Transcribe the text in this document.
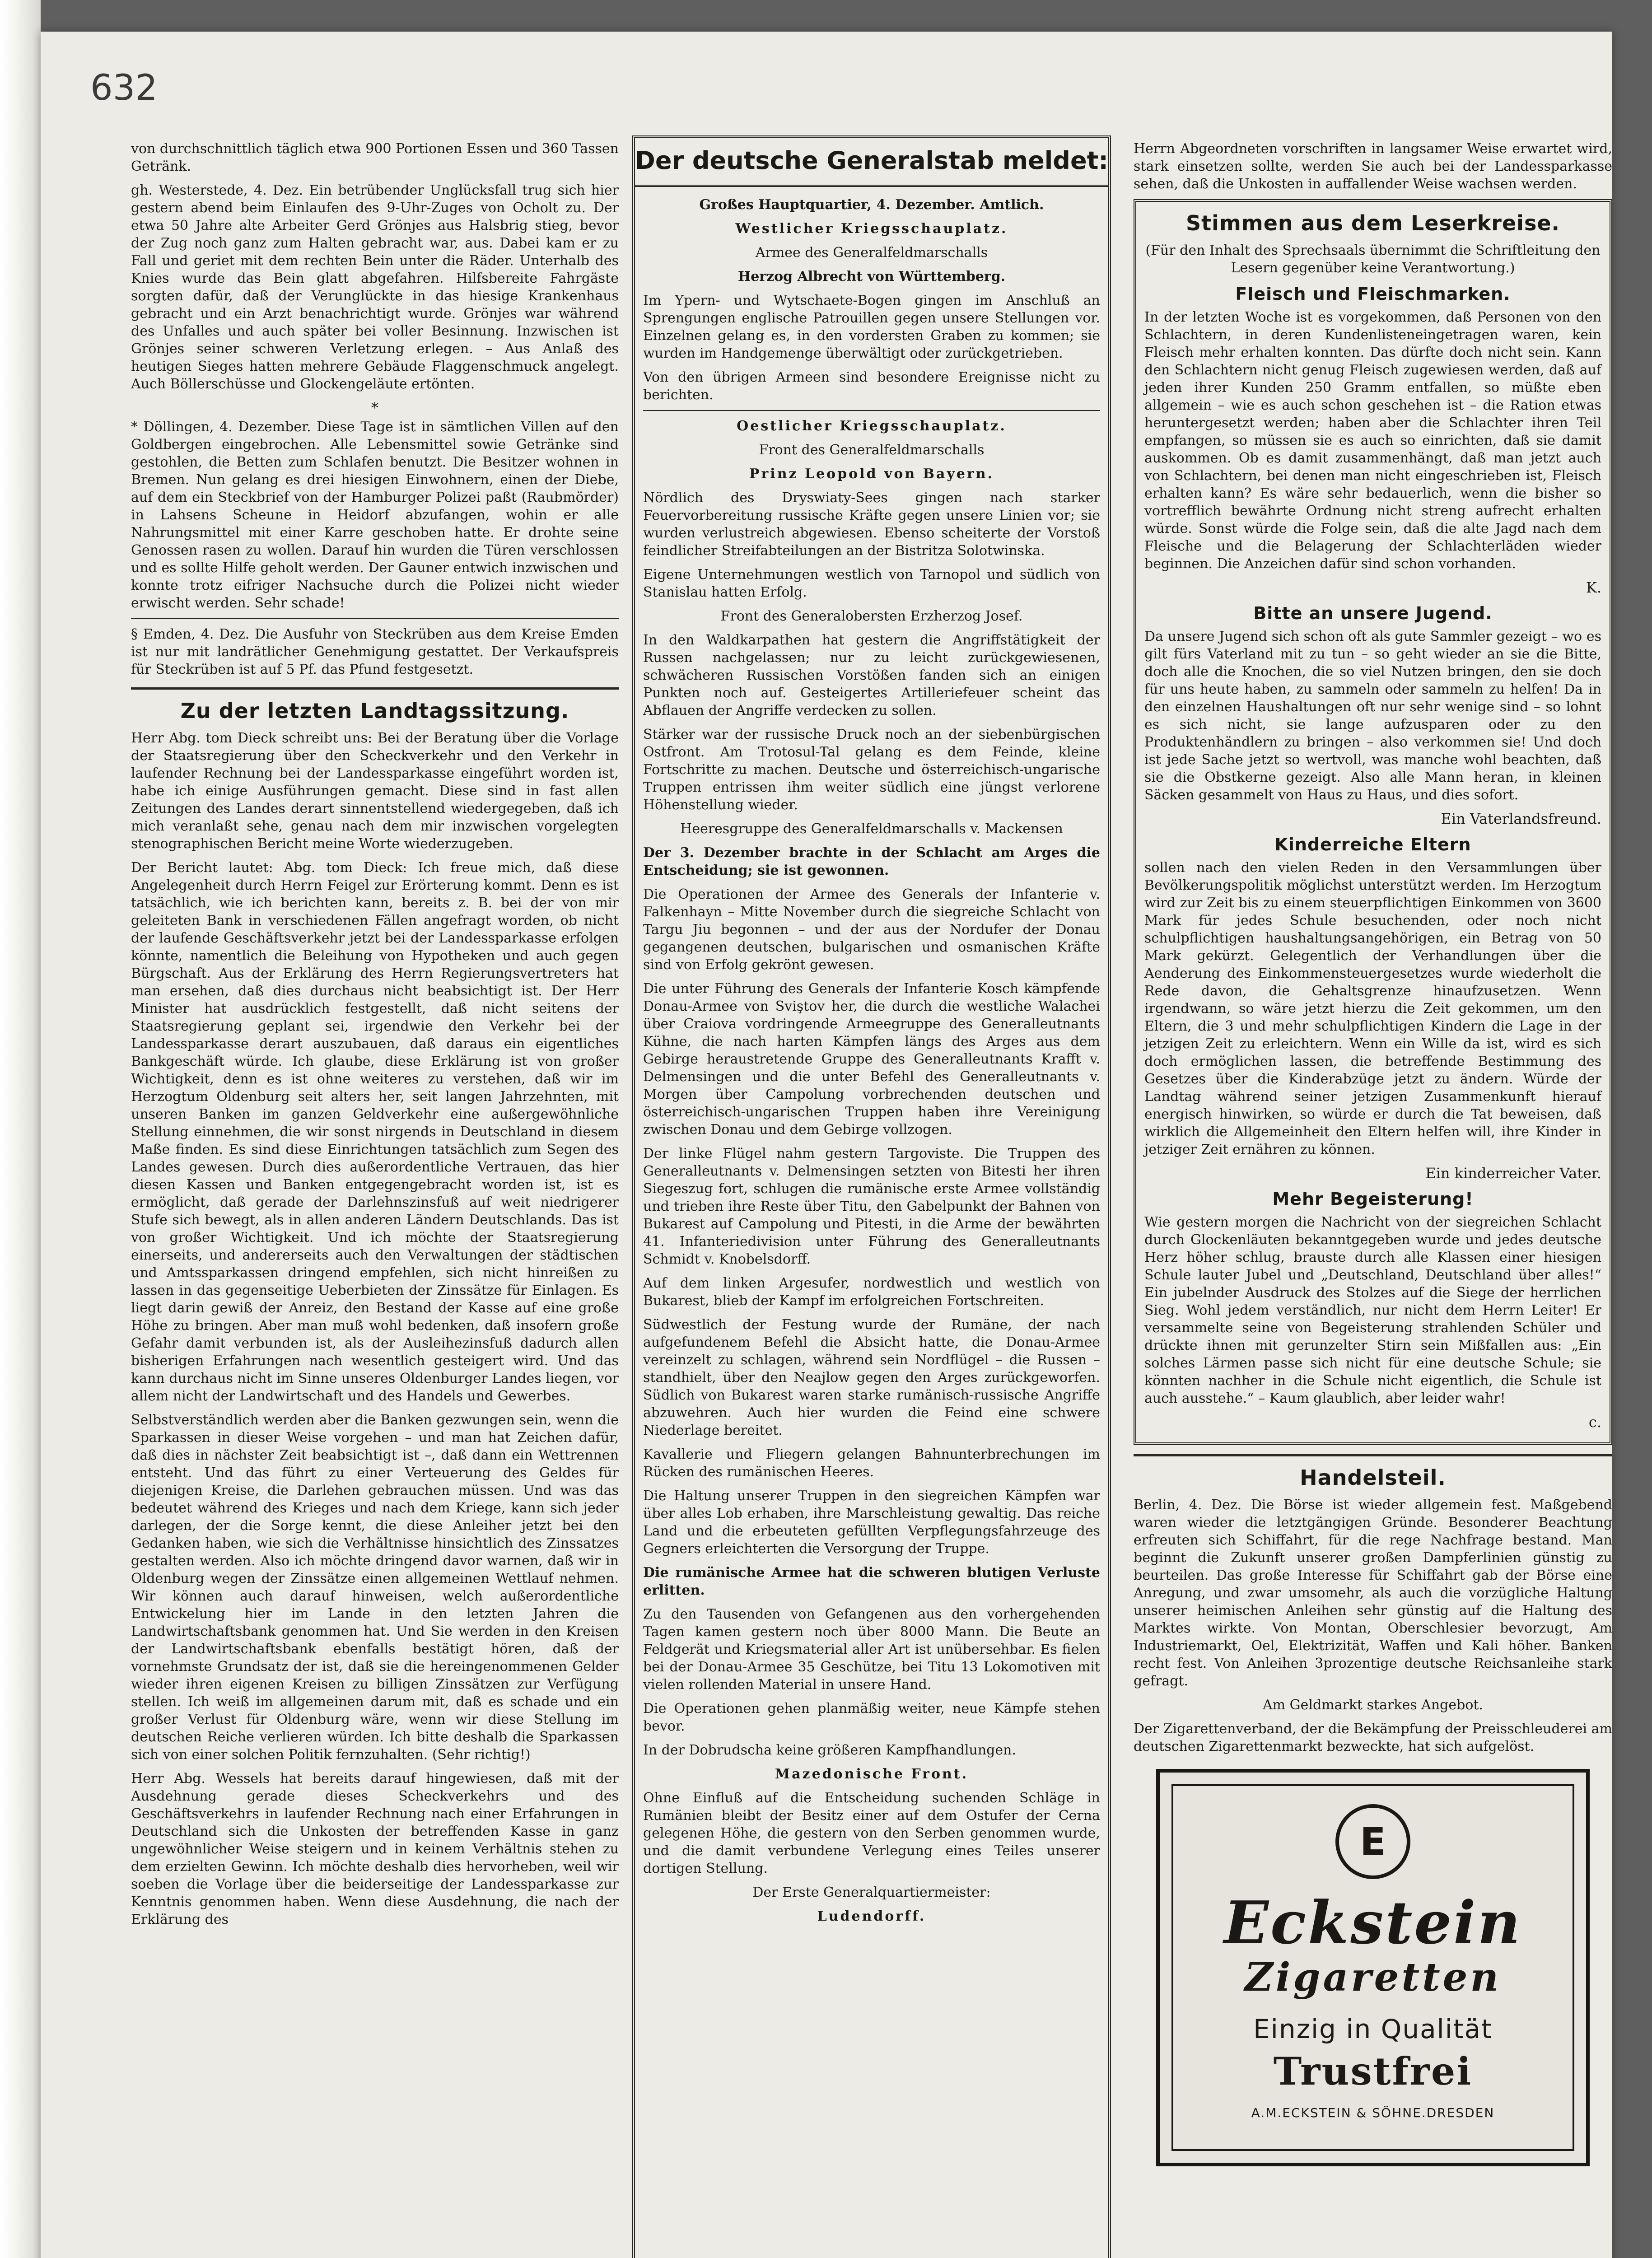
632

von durchschnittlich täglich etwa 900 Portionen Essen und 360 Tassen Getränk.

gh. Westerstede, 4. Dez. Ein betrübender Unglücksfall trug sich hier gestern abend beim Einlaufen des 9-Uhr-Zuges von Ocholt zu. Der etwa 50 Jahre alte Arbeiter Gerd Grönjes aus Halsbrig stieg, bevor der Zug noch ganz zum Halten gebracht war, aus. Dabei kam er zu Fall und geriet mit dem rechten Bein unter die Räder. Unterhalb des Knies wurde das Bein glatt abgefahren. Hilfsbereite Fahrgäste sorgten dafür, daß der Verunglückte in das hiesige Krankenhaus gebracht und ein Arzt benachrichtigt wurde. Grönjes war während des Unfalles und auch später bei voller Besinnung. Inzwischen ist Grönjes seiner schweren Verletzung erlegen. – Aus Anlaß des heutigen Sieges hatten mehrere Gebäude Flaggenschmuck angelegt. Auch Böllerschüsse und Glockengeläute ertönten.

*

* Döllingen, 4. Dezember. Diese Tage ist in sämtlichen Villen auf den Goldbergen eingebrochen. Alle Lebensmittel sowie Getränke sind gestohlen, die Betten zum Schlafen benutzt. Die Besitzer wohnen in Bremen. Nun gelang es drei hiesigen Einwohnern, einen der Diebe, auf dem ein Steckbrief von der Hamburger Polizei paßt (Raubmörder) in Lahsens Scheune in Heidorf abzufangen, wohin er alle Nahrungsmittel mit einer Karre geschoben hatte. Er drohte seine Genossen rasen zu wollen. Darauf hin wurden die Türen verschlossen und es sollte Hilfe geholt werden. Der Gauner entwich inzwischen und konnte trotz eifriger Nachsuche durch die Polizei nicht wieder erwischt werden. Sehr schade!

§ Emden, 4. Dez. Die Ausfuhr von Steckrüben aus dem Kreise Emden ist nur mit landrätlicher Genehmigung gestattet. Der Verkaufspreis für Steckrüben ist auf 5 Pf. das Pfund festgesetzt.

Zu der letzten Landtagssitzung.

Herr Abg. tom Dieck schreibt uns: Bei der Beratung über die Vorlage der Staatsregierung über den Scheckverkehr und den Verkehr in laufender Rechnung bei der Landessparkasse eingeführt worden ist, habe ich einige Ausführungen gemacht. Diese sind in fast allen Zeitungen des Landes derart sinnentstellend wiedergegeben, daß ich mich veranlaßt sehe, genau nach dem mir inzwischen vorgelegten stenographischen Bericht meine Worte wiederzugeben.

Der Bericht lautet: Abg. tom Dieck: Ich freue mich, daß diese Angelegenheit durch Herrn Feigel zur Erörterung kommt. Denn es ist tatsächlich, wie ich berichten kann, bereits z. B. bei der von mir geleiteten Bank in verschiedenen Fällen angefragt worden, ob nicht der laufende Geschäftsverkehr jetzt bei der Landessparkasse erfolgen könnte, namentlich die Beleihung von Hypotheken und auch gegen Bürgschaft. Aus der Erklärung des Herrn Regierungsvertreters hat man ersehen, daß dies durchaus nicht beabsichtigt ist. Der Herr Minister hat ausdrücklich festgestellt, daß nicht seitens der Staatsregierung geplant sei, irgendwie den Verkehr bei der Landessparkasse derart auszubauen, daß daraus ein eigentliches Bankgeschäft würde. Ich glaube, diese Erklärung ist von großer Wichtigkeit, denn es ist ohne weiteres zu verstehen, daß wir im Herzogtum Oldenburg seit alters her, seit langen Jahrzehnten, mit unseren Banken im ganzen Geldverkehr eine außergewöhnliche Stellung einnehmen, die wir sonst nirgends in Deutschland in diesem Maße finden. Es sind diese Einrichtungen tatsächlich zum Segen des Landes gewesen. Durch dies außerordentliche Vertrauen, das hier diesen Kassen und Banken entgegengebracht worden ist, ist es ermöglicht, daß gerade der Darlehnszinsfuß auf weit niedrigerer Stufe sich bewegt, als in allen anderen Ländern Deutschlands. Das ist von großer Wichtigkeit. Und ich möchte der Staatsregierung einerseits, und andererseits auch den Verwaltungen der städtischen und Amtssparkassen dringend empfehlen, sich nicht hinreißen zu lassen in das gegenseitige Ueberbieten der Zinssätze für Einlagen. Es liegt darin gewiß der Anreiz, den Bestand der Kasse auf eine große Höhe zu bringen. Aber man muß wohl bedenken, daß insofern große Gefahr damit verbunden ist, als der Ausleihezinsfuß dadurch allen bisherigen Erfahrungen nach wesentlich gesteigert wird. Und das kann durchaus nicht im Sinne unseres Oldenburger Landes liegen, vor allem nicht der Landwirtschaft und des Handels und Gewerbes.

Selbstverständlich werden aber die Banken gezwungen sein, wenn die Sparkassen in dieser Weise vorgehen – und man hat Zeichen dafür, daß dies in nächster Zeit beabsichtigt ist –, daß dann ein Wettrennen entsteht. Und das führt zu einer Verteuerung des Geldes für diejenigen Kreise, die Darlehen gebrauchen müssen. Und was das bedeutet während des Krieges und nach dem Kriege, kann sich jeder darlegen, der die Sorge kennt, die diese Anleiher jetzt bei den Gedanken haben, wie sich die Verhältnisse hinsichtlich des Zinssatzes gestalten werden. Also ich möchte dringend davor warnen, daß wir in Oldenburg wegen der Zinssätze einen allgemeinen Wettlauf nehmen. Wir können auch darauf hinweisen, welch außerordentliche Entwickelung hier im Lande in den letzten Jahren die Landwirtschaftsbank genommen hat. Und Sie werden in den Kreisen der Landwirtschaftsbank ebenfalls bestätigt hören, daß der vornehmste Grundsatz der ist, daß sie die hereingenommenen Gelder wieder ihren eigenen Kreisen zu billigen Zinssätzen zur Verfügung stellen. Ich weiß im allgemeinen darum mit, daß es schade und ein großer Verlust für Oldenburg wäre, wenn wir diese Stellung im deutschen Reiche verlieren würden. Ich bitte deshalb die Sparkassen sich von einer solchen Politik fernzuhalten. (Sehr richtig!)

Herr Abg. Wessels hat bereits darauf hingewiesen, daß mit der Ausdehnung gerade dieses Scheckverkehrs und des Geschäftsverkehrs in laufender Rechnung nach einer Erfahrungen in Deutschland sich die Unkosten der betreffenden Kasse in ganz ungewöhnlicher Weise steigern und in keinem Verhältnis stehen zu dem erzielten Gewinn. Ich möchte deshalb dies hervorheben, weil wir soeben die Vorlage über die beiderseitige der Landessparkasse zur Kenntnis genommen haben. Wenn diese Ausdehnung, die nach der Erklärung des

Der deutsche Generalstab meldet:

Großes Hauptquartier, 4. Dezember. Amtlich.

Westlicher Kriegsschauplatz.

Armee des Generalfeldmarschalls

Herzog Albrecht von Württemberg.

Im Ypern- und Wytschaete-Bogen gingen im Anschluß an Sprengungen englische Patrouillen gegen unsere Stellungen vor. Einzelnen gelang es, in den vordersten Graben zu kommen; sie wurden im Handgemenge überwältigt oder zurückgetrieben.

Von den übrigen Armeen sind besondere Ereignisse nicht zu berichten.

Oestlicher Kriegsschauplatz.

Front des Generalfeldmarschalls

Prinz Leopold von Bayern.

Nördlich des Dryswiaty-Sees gingen nach starker Feuervorbereitung russische Kräfte gegen unsere Linien vor; sie wurden verlustreich abgewiesen. Ebenso scheiterte der Vorstoß feindlicher Streifabteilungen an der Bistritza Solotwinska.

Eigene Unternehmungen westlich von Tarnopol und südlich von Stanislau hatten Erfolg.

Front des Generalobersten Erzherzog Josef.

In den Waldkarpathen hat gestern die Angriffstätigkeit der Russen nachgelassen; nur zu leicht zurückgewiesenen, schwächeren Russischen Vorstößen fanden sich an einigen Punkten noch auf. Gesteigertes Artilleriefeuer scheint das Abflauen der Angriffe verdecken zu sollen.

Stärker war der russische Druck noch an der siebenbürgischen Ostfront. Am Trotosul-Tal gelang es dem Feinde, kleine Fortschritte zu machen. Deutsche und österreichisch-ungarische Truppen entrissen ihm weiter südlich eine jüngst verlorene Höhenstellung wieder.

Heeresgruppe des Generalfeldmarschalls v. Mackensen

Der 3. Dezember brachte in der Schlacht am Arges die Entscheidung; sie ist gewonnen.

Die Operationen der Armee des Generals der Infanterie v. Falkenhayn – Mitte November durch die siegreiche Schlacht von Targu Jiu begonnen – und der aus der Nordufer der Donau gegangenen deutschen, bulgarischen und osmanischen Kräfte sind von Erfolg gekrönt gewesen.

Die unter Führung des Generals der Infanterie Kosch kämpfende Donau-Armee von Sviştov her, die durch die westliche Walachei über Craiova vordringende Armeegruppe des Generalleutnants Kühne, die nach harten Kämpfen längs des Arges aus dem Gebirge heraustretende Gruppe des Generalleutnants Krafft v. Delmensingen und die unter Befehl des Generalleutnants v. Morgen über Campolung vorbrechenden deutschen und österreichisch-ungarischen Truppen haben ihre Vereinigung zwischen Donau und dem Gebirge vollzogen.

Der linke Flügel nahm gestern Targoviste. Die Truppen des Generalleutnants v. Delmensingen setzten von Bitesti her ihren Siegeszug fort, schlugen die rumänische erste Armee vollständig und trieben ihre Reste über Titu, den Gabelpunkt der Bahnen von Bukarest auf Campolung und Pitesti, in die Arme der bewährten 41. Infanteriedivision unter Führung des Generalleutnants Schmidt v. Knobelsdorff.

Auf dem linken Argesufer, nordwestlich und westlich von Bukarest, blieb der Kampf im erfolgreichen Fortschreiten.

Südwestlich der Festung wurde der Rumäne, der nach aufgefundenem Befehl die Absicht hatte, die Donau-Armee vereinzelt zu schlagen, während sein Nordflügel – die Russen – standhielt, über den Neajlow gegen den Arges zurückgeworfen. Südlich von Bukarest waren starke rumänisch-russische Angriffe abzuwehren. Auch hier wurden die Feind eine schwere Niederlage bereitet.

Kavallerie und Fliegern gelangen Bahnunterbrechungen im Rücken des rumänischen Heeres.

Die Haltung unserer Truppen in den siegreichen Kämpfen war über alles Lob erhaben, ihre Marschleistung gewaltig. Das reiche Land und die erbeuteten gefüllten Verpflegungsfahrzeuge des Gegners erleichterten die Versorgung der Truppe.

Die rumänische Armee hat die schweren blutigen Verluste erlitten.

Zu den Tausenden von Gefangenen aus den vorhergehenden Tagen kamen gestern noch über 8000 Mann. Die Beute an Feldgerät und Kriegsmaterial aller Art ist unübersehbar. Es fielen bei der Donau-Armee 35 Geschütze, bei Titu 13 Lokomotiven mit vielen rollenden Material in unsere Hand.

Die Operationen gehen planmäßig weiter, neue Kämpfe stehen bevor.

In der Dobrudscha keine größeren Kampfhandlungen.

Mazedonische Front.

Ohne Einfluß auf die Entscheidung suchenden Schläge in Rumänien bleibt der Besitz einer auf dem Ostufer der Cerna gelegenen Höhe, die gestern von den Serben genommen wurde, und die damit verbundene Verlegung eines Teiles unserer dortigen Stellung.

Der Erste Generalquartiermeister:

Ludendorff.

Herrn Abgeordneten vorschriften in langsamer Weise erwartet wird, stark einsetzen sollte, werden Sie auch bei der Landessparkasse sehen, daß die Unkosten in auffallender Weise wachsen werden.

Stimmen aus dem Leserkreise.

(Für den Inhalt des Sprechsaals übernimmt die Schriftleitung den Lesern gegenüber keine Verantwortung.)

Fleisch und Fleischmarken.

In der letzten Woche ist es vorgekommen, daß Personen von den Schlachtern, in deren Kundenlisteneingetragen waren, kein Fleisch mehr erhalten konnten. Das dürfte doch nicht sein. Kann den Schlachtern nicht genug Fleisch zugewiesen werden, daß auf jeden ihrer Kunden 250 Gramm entfallen, so müßte eben allgemein – wie es auch schon geschehen ist – die Ration etwas heruntergesetzt werden; haben aber die Schlachter ihren Teil empfangen, so müssen sie es auch so einrichten, daß sie damit auskommen. Ob es damit zusammenhängt, daß man jetzt auch von Schlachtern, bei denen man nicht eingeschrieben ist, Fleisch erhalten kann? Es wäre sehr bedauerlich, wenn die bisher so vortrefflich bewährte Ordnung nicht streng aufrecht erhalten würde. Sonst würde die Folge sein, daß die alte Jagd nach dem Fleische und die Belagerung der Schlachterläden wieder beginnen. Die Anzeichen dafür sind schon vorhanden.

K.

Bitte an unsere Jugend.

Da unsere Jugend sich schon oft als gute Sammler gezeigt – wo es gilt fürs Vaterland mit zu tun – so geht wieder an sie die Bitte, doch alle die Knochen, die so viel Nutzen bringen, den sie doch für uns heute haben, zu sammeln oder sammeln zu helfen! Da in den einzelnen Haushaltungen oft nur sehr wenige sind – so lohnt es sich nicht, sie lange aufzusparen oder zu den Produktenhändlern zu bringen – also verkommen sie! Und doch ist jede Sache jetzt so wertvoll, was manche wohl beachten, daß sie die Obstkerne gezeigt. Also alle Mann heran, in kleinen Säcken gesammelt von Haus zu Haus, und dies sofort.

Ein Vaterlandsfreund.

Kinderreiche Eltern

sollen nach den vielen Reden in den Versammlungen über Bevölkerungspolitik möglichst unterstützt werden. Im Herzogtum wird zur Zeit bis zu einem steuerpflichtigen Einkommen von 3600 Mark für jedes Schule besuchenden, oder noch nicht schulpflichtigen haushaltungsangehörigen, ein Betrag von 50 Mark gekürzt. Gelegentlich der Verhandlungen über die Aenderung des Einkommensteuergesetzes wurde wiederholt die Rede davon, die Gehaltsgrenze hinaufzusetzen. Wenn irgendwann, so wäre jetzt hierzu die Zeit gekommen, um den Eltern, die 3 und mehr schulpflichtigen Kindern die Lage in der jetzigen Zeit zu erleichtern. Wenn ein Wille da ist, wird es sich doch ermöglichen lassen, die betreffende Bestimmung des Gesetzes über die Kinderabzüge jetzt zu ändern. Würde der Landtag während seiner jetzigen Zusammenkunft hierauf energisch hinwirken, so würde er durch die Tat beweisen, daß wirklich die Allgemeinheit den Eltern helfen will, ihre Kinder in jetziger Zeit ernähren zu können.

Ein kinderreicher Vater.

Mehr Begeisterung!

Wie gestern morgen die Nachricht von der siegreichen Schlacht durch Glockenläuten bekanntgegeben wurde und jedes deutsche Herz höher schlug, brauste durch alle Klassen einer hiesigen Schule lauter Jubel und „Deutschland, Deutschland über alles!“ Ein jubelnder Ausdruck des Stolzes auf die Siege der herrlichen Sieg. Wohl jedem verständlich, nur nicht dem Herrn Leiter! Er versammelte seine von Begeisterung strahlenden Schüler und drückte ihnen mit gerunzelter Stirn sein Mißfallen aus: „Ein solches Lärmen passe sich nicht für eine deutsche Schule; sie könnten nachher in die Schule nicht eigentlich, die Schule ist auch ausstehe.“ – Kaum glaublich, aber leider wahr!

c.

Handelsteil.

Berlin, 4. Dez. Die Börse ist wieder allgemein fest. Maßgebend waren wieder die letztgängigen Gründe. Besonderer Beachtung erfreuten sich Schiffahrt, für die rege Nachfrage bestand. Man beginnt die Zukunft unserer großen Dampferlinien günstig zu beurteilen. Das große Interesse für Schiffahrt gab der Börse eine Anregung, und zwar umsomehr, als auch die vorzügliche Haltung unserer heimischen Anleihen sehr günstig auf die Haltung des Marktes wirkte. Von Montan, Oberschlesier bevorzugt, Am Industriemarkt, Oel, Elektrizität, Waffen und Kali höher. Banken recht fest. Von Anleihen 3prozentige deutsche Reichsanleihe stark gefragt.

Am Geldmarkt starkes Angebot.

Der Zigarettenverband, der die Bekämpfung der Preisschleuderei am deutschen Zigarettenmarkt bezweckte, hat sich aufgelöst.

E
Eckstein
Zigaretten
Einzig in Qualität
Trustfrei
A.M.ECKSTEIN & SÖHNE.DRESDEN
